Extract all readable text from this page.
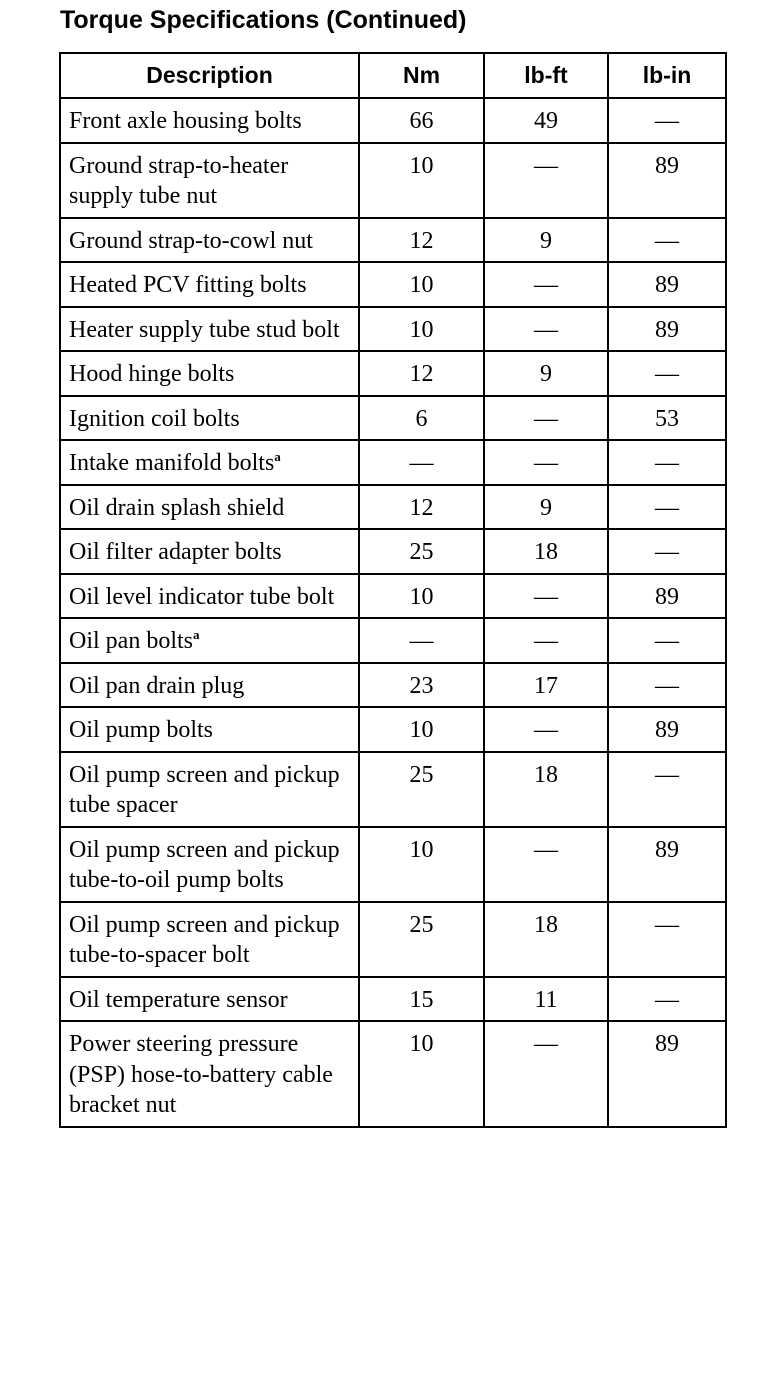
Torque Specifications (Continued)
Description	Nm	lb-ft	lb-in
Front axle housing bolts	66	49	—
Ground strap-to-heater supply tube nut	10	—	89
Ground strap-to-cowl nut	12	9	—
Heated PCV fitting bolts	10	—	89
Heater supply tube stud bolt	10	—	89
Hood hinge bolts	12	9	—
Ignition coil bolts	6	—	53
Intake manifold bolts$^a$	—	—	—
Oil drain splash shield	12	9	—
Oil filter adapter bolts	25	18	—
Oil level indicator tube bolt	10	—	89
Oil pan bolts$^a$	—	—	—
Oil pan drain plug	23	17	—
Oil pump bolts	10	—	89
Oil pump screen and pickup tube spacer	25	18	—
Oil pump screen and pickup tube-to-oil pump bolts	10	—	89
Oil pump screen and pickup tube-to-spacer bolt	25	18	—
Oil temperature sensor	15	11	—
Power steering pressure (PSP) hose-to-battery cable bracket nut	10	—	89
